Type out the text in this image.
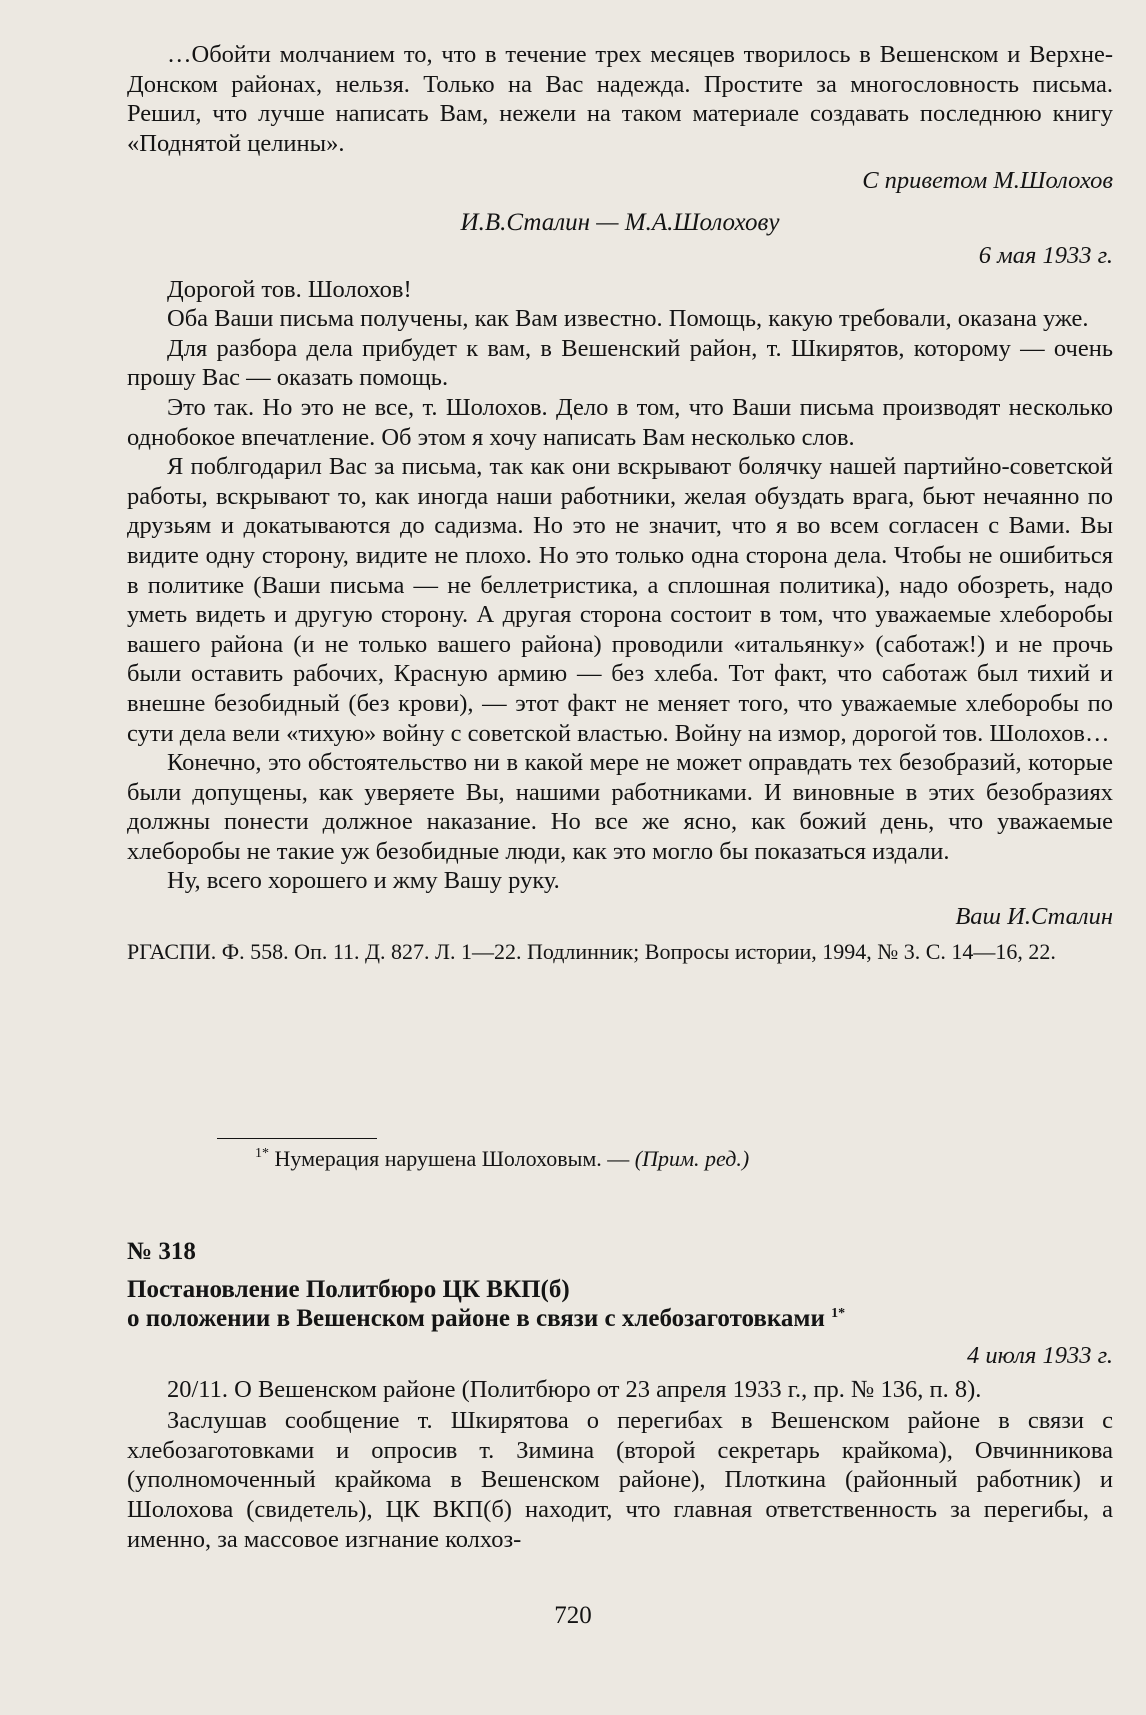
…Обойти молчанием то, что в течение трех месяцев творилось в Вешенском и Верхне-Донском районах, нельзя. Только на Вас надежда. Простите за многословность письма. Решил, что лучше написать Вам, нежели на таком материале создавать последнюю книгу «Поднятой целины».

С приветом М.Шолохов
И.В.Сталин — М.А.Шолохову
6 мая 1933 г.

Дорогой тов. Шолохов!

Оба Ваши письма получены, как Вам известно. Помощь, какую требовали, оказана уже.

Для разбора дела прибудет к вам, в Вешенский район, т. Шкирятов, которому — очень прошу Вас — оказать помощь.

Это так. Но это не все, т. Шолохов. Дело в том, что Ваши письма производят несколько однобокое впечатление. Об этом я хочу написать Вам несколько слов.

Я поблгодарил Вас за письма, так как они вскрывают болячку нашей партийно-советской работы, вскрывают то, как иногда наши работники, желая обуздать врага, бьют нечаянно по друзьям и докатываются до садизма. Но это не значит, что я во всем согласен с Вами. Вы видите одну сторону, видите не плохо. Но это только одна сторона дела. Чтобы не ошибиться в политике (Ваши письма — не беллетристика, а сплошная политика), надо обозреть, надо уметь видеть и другую сторону. А другая сторона состоит в том, что уважаемые хлеборобы вашего района (и не только вашего района) проводили «итальянку» (саботаж!) и не прочь были оставить рабочих, Красную армию — без хлеба. Тот факт, что саботаж был тихий и внешне безобидный (без крови), — этот факт не меняет того, что уважаемые хлеборобы по сути дела вели «тихую» войну с советской властью. Войну на измор, дорогой тов. Шолохов…

Конечно, это обстоятельство ни в какой мере не может оправдать тех безобразий, которые были допущены, как уверяете Вы, нашими работниками. И виновные в этих безобразиях должны понести должное наказание. Но все же ясно, как божий день, что уважаемые хлеборобы не такие уж безобидные люди, как это могло бы показаться издали.

Ну, всего хорошего и жму Вашу руку.

Ваш И.Сталин

РГАСПИ. Ф. 558. Оп. 11. Д. 827. Л. 1—22. Подлинник; Вопросы истории, 1994, № 3. С. 14—16, 22.

$^{1*}$ Нумерация нарушена Шолоховым. — (Прим. ред.)
№ 318
Постановление Политбюро ЦК ВКП(б)
о положении в Вешенском районе в связи с хлебозаготовками $^{1*}$
4 июля 1933 г.

20/11. О Вешенском районе (Политбюро от 23 апреля 1933 г., пр. № 136, п. 8).

Заслушав сообщение т. Шкирятова о перегибах в Вешенском районе в связи с хлебозаготовками и опросив т. Зимина (второй секретарь крайкома), Овчинникова (уполномоченный крайкома в Вешенском районе), Плоткина (районный работник) и Шолохова (свидетель), ЦК ВКП(б) находит, что главная ответственность за перегибы, а именно, за массовое изгнание колхоз-

720
